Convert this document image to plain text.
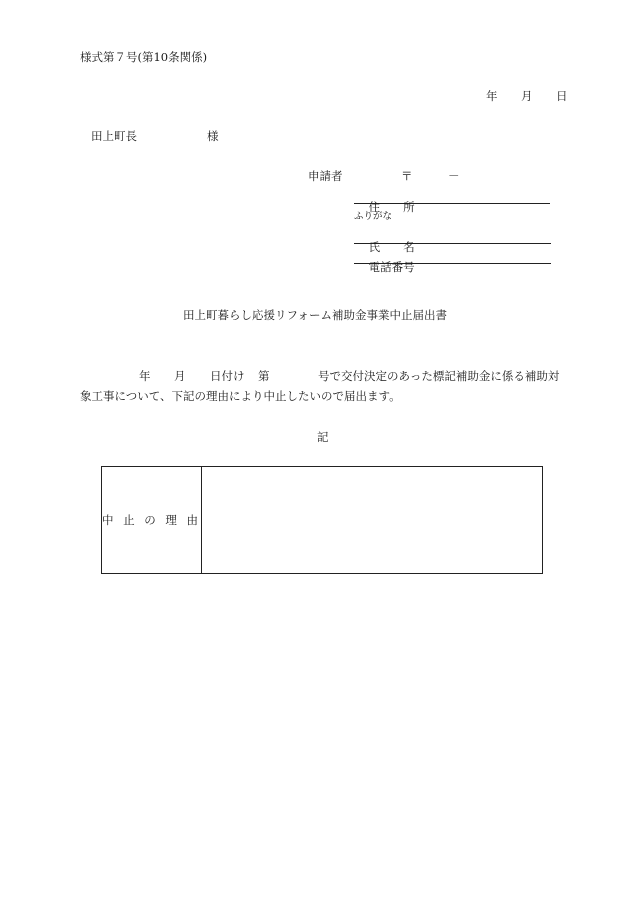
様式第７号(第10条関係)
年 月 日
田上町長	様
申請者	〒	－

住　　所

ふりがな

氏　　名

電話番号

田上町暮らし応援リフォーム補助金事業中止届出書
年 月 日付け 第	号で交付決定のあった標記補助金に係る補助対
象工事について、下記の理由により中止したいので届出ます。
記
中 止 の 理 由
